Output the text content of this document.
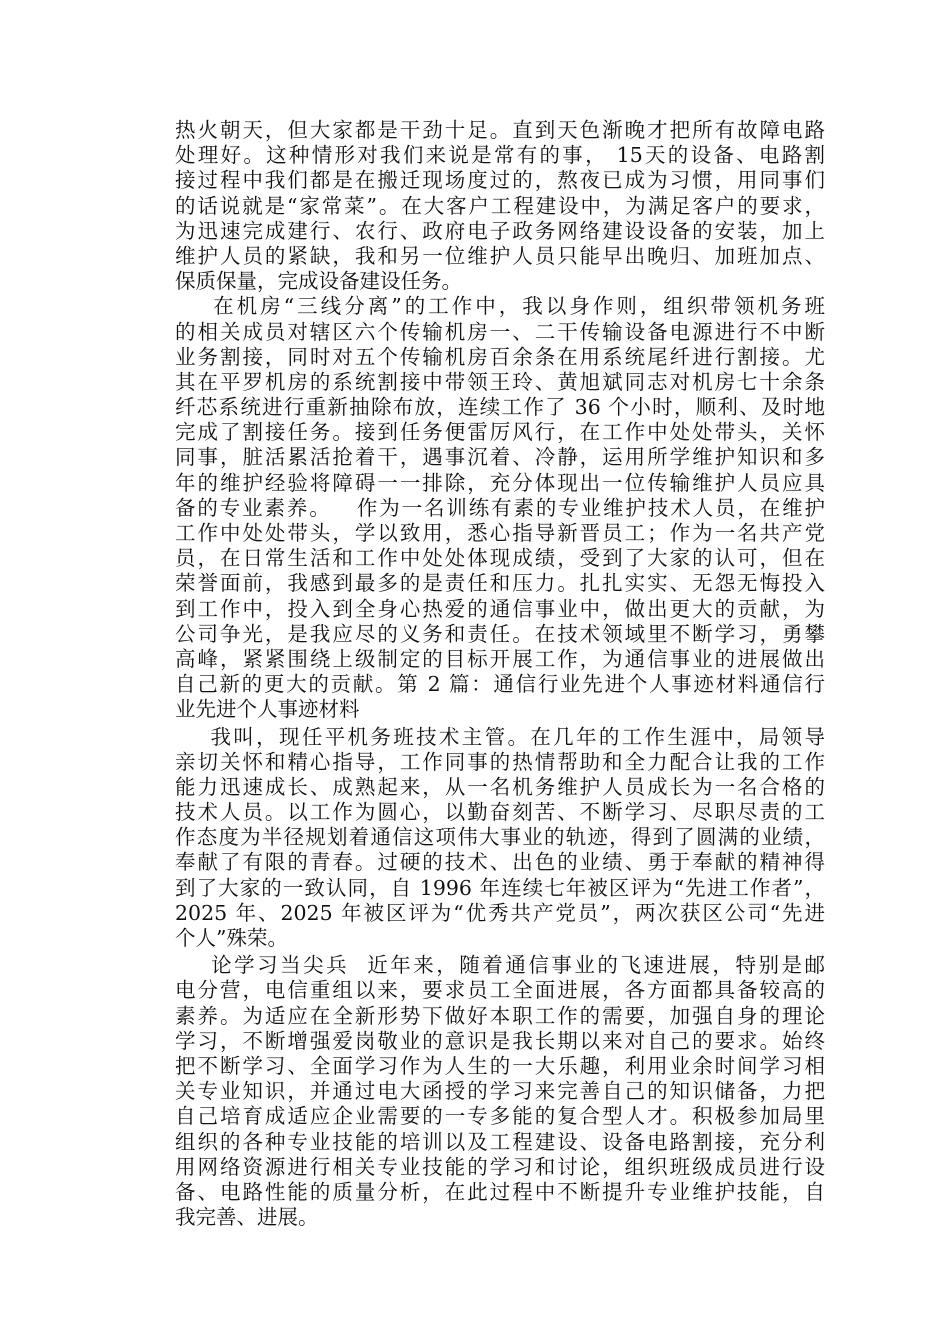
热火朝天，但大家都是干劲十足。直到天色渐晚才把所有故障电路
处理好。这种情形对我们来说是常有的事， 15天的设备、电路割
接过程中我们都是在搬迁现场度过的，熬夜已成为习惯，用同事们
的话说就是“家常菜”。在大客户工程建设中，为满足客户的要求，
为迅速完成建行、农行、政府电子政务网络建设设备的安装，加上
维护人员的紧缺，我和另一位维护人员只能早出晚归、加班加点、
保质保量，完成设备建设任务。
在机房“三线分离”的工作中，我以身作则，组织带领机务班
的相关成员对辖区六个传输机房一、二干传输设备电源进行不中断
业务割接，同时对五个传输机房百余条在用系统尾纤进行割接。尤
其在平罗机房的系统割接中带领王玲、黄旭斌同志对机房七十余条
纤芯系统进行重新抽除布放，连续工作了 36 个小时，顺利、及时地
完成了割接任务。接到任务便雷厉风行，在工作中处处带头，关怀
同事，脏活累活抢着干，遇事沉着、冷静，运用所学维护知识和多
年的维护经验将障碍一一排除，充分体现出一位传输维护人员应具
备的专业素养。   作为一名训练有素的专业维护技术人员，在维护
工作中处处带头，学以致用，悉心指导新晋员工；作为一名共产党
员，在日常生活和工作中处处体现成绩，受到了大家的认可，但在
荣誉面前，我感到最多的是责任和压力。扎扎实实、无怨无悔投入
到工作中，投入到全身心热爱的通信事业中，做出更大的贡献，为
公司争光，是我应尽的义务和责任。在技术领域里不断学习，勇攀
高峰，紧紧围绕上级制定的目标开展工作，为通信事业的进展做出
自己新的更大的贡献。第 2 篇：通信行业先进个人事迹材料通信行
业先进个人事迹材料
我叫，现任平机务班技术主管。在几年的工作生涯中，局领导
亲切关怀和精心指导，工作同事的热情帮助和全力配合让我的工作
能力迅速成长、成熟起来，从一名机务维护人员成长为一名合格的
技术人员。以工作为圆心，以勤奋刻苦、不断学习、尽职尽责的工
作态度为半径规划着通信这项伟大事业的轨迹，得到了圆满的业绩，
奉献了有限的青春。过硬的技术、出色的业绩、勇于奉献的精神得
到了大家的一致认同，自 1996 年连续七年被区评为“先进工作者”，
2025 年、2025 年被区评为“优秀共产党员”，两次获区公司“先进
个人”殊荣。
论学习当尖兵  近年来，随着通信事业的飞速进展，特别是邮
电分营，电信重组以来，要求员工全面进展，各方面都具备较高的
素养。为适应在全新形势下做好本职工作的需要，加强自身的理论
学习，不断增强爱岗敬业的意识是我长期以来对自己的要求。始终
把不断学习、全面学习作为人生的一大乐趣，利用业余时间学习相
关专业知识，并通过电大函授的学习来完善自己的知识储备，力把
自己培育成适应企业需要的一专多能的复合型人才。积极参加局里
组织的各种专业技能的培训以及工程建设、设备电路割接，充分利
用网络资源进行相关专业技能的学习和讨论，组织班级成员进行设
备、电路性能的质量分析，在此过程中不断提升专业维护技能，自
我完善、进展。
